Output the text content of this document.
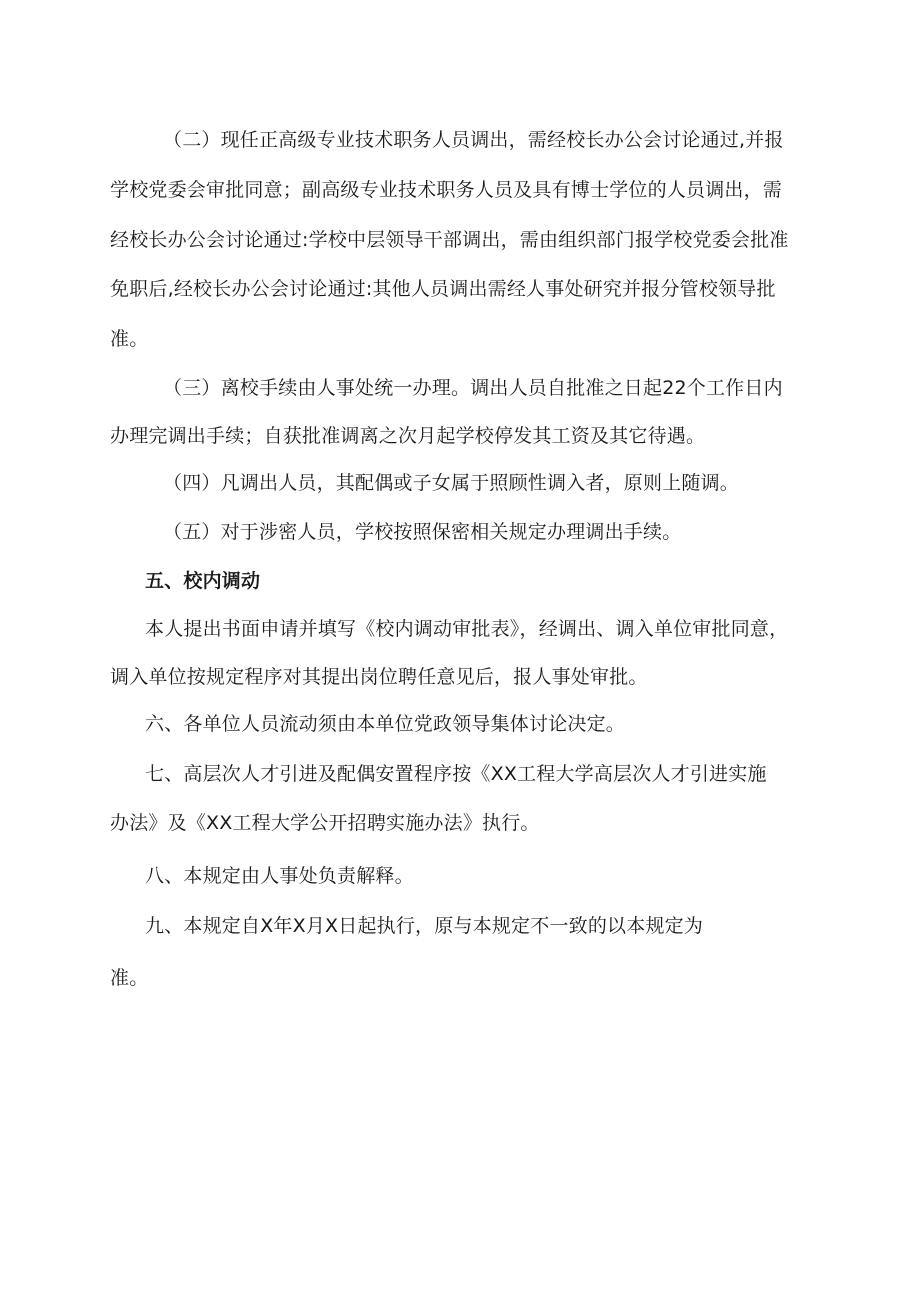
（二）现任正高级专业技术职务人员调出，需经校长办公会讨论通过,并报

学校党委会审批同意；副高级专业技术职务人员及具有博士学位的人员调出，需

经校长办公会讨论通过:学校中层领导干部调出，需由组织部门报学校党委会批准

免职后,经校长办公会讨论通过:其他人员调出需经人事处研究并报分管校领导批

准。

（三）离校手续由人事处统一办理。调出人员自批准之日起22个工作日内

办理完调出手续；自获批准调离之次月起学校停发其工资及其它待遇。

（四）凡调出人员，其配偶或子女属于照顾性调入者，原则上随调。

（五）对于涉密人员，学校按照保密相关规定办理调出手续。

五、校内调动

本人提出书面申请并填写《校内调动审批表》，经调出、调入单位审批同意，

调入单位按规定程序对其提出岗位聘任意见后，报人事处审批。

六、各单位人员流动须由本单位党政领导集体讨论决定。

七、高层次人才引进及配偶安置程序按《XX工程大学高层次人才引进实施

办法》及《XX工程大学公开招聘实施办法》执行。

八、本规定由人事处负责解释。

九、本规定自X年X月X日起执行，原与本规定不一致的以本规定为

准。
